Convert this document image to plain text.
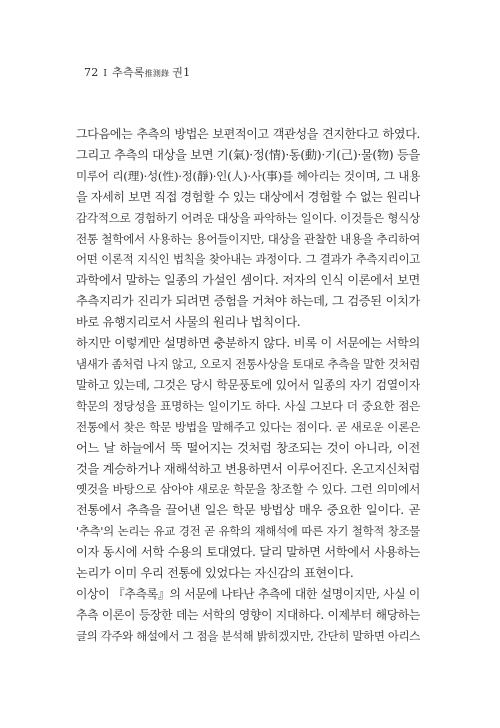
72 I 추측록推測錄 권1
그다음에는 추측의 방법은 보편적이고 객관성을 견지한다고 하였다.
그리고 추측의 대상을 보면 기(氣)·정(情)·동(動)·기(己)·물(物) 등을
미루어 리(理)·성(性)·정(靜)·인(人)·사(事)를 헤아리는 것이며, 그 내용
을 자세히 보면 직접 경험할 수 있는 대상에서 경험할 수 없는 원리나
감각적으로 경험하기 어려운 대상을 파악하는 일이다. 이것들은 형식상
전통 철학에서 사용하는 용어들이지만, 대상을 관찰한 내용을 추리하여
어떤 이론적 지식인 법칙을 찾아내는 과정이다. 그 결과가 추측지리이고
과학에서 말하는 일종의 가설인 셈이다. 저자의 인식 이론에서 보면
추측지리가 진리가 되려면 증험을 거쳐야 하는데, 그 검증된 이치가
바로 유행지리로서 사물의 원리나 법칙이다.
하지만 이렇게만 설명하면 충분하지 않다. 비록 이 서문에는 서학의
냄새가 좀처럼 나지 않고, 오로지 전통사상을 토대로 추측을 말한 것처럼
말하고 있는데, 그것은 당시 학문풍토에 있어서 일종의 자기 검열이자
학문의 정당성을 표명하는 일이기도 하다. 사실 그보다 더 중요한 점은
전통에서 찾은 학문 방법을 말해주고 있다는 점이다. 곧 새로운 이론은
어느 날 하늘에서 뚝 떨어지는 것처럼 창조되는 것이 아니라, 이전
것을 계승하거나 재해석하고 변용하면서 이루어진다. 온고지신처럼
옛것을 바탕으로 삼아야 새로운 학문을 창조할 수 있다. 그런 의미에서
전통에서 추측을 끌어낸 일은 학문 방법상 매우 중요한 일이다. 곧
'추측'의 논리는 유교 경전 곧 유학의 재해석에 따른 자기 철학적 창조물
이자 동시에 서학 수용의 토대였다. 달리 말하면 서학에서 사용하는
논리가 이미 우리 전통에 있었다는 자신감의 표현이다.
이상이 『추측록』의 서문에 나타난 추측에 대한 설명이지만, 사실 이
추측 이론이 등장한 데는 서학의 영향이 지대하다. 이제부터 해당하는
글의 각주와 해설에서 그 점을 분석해 밝히겠지만, 간단히 말하면 아리스
